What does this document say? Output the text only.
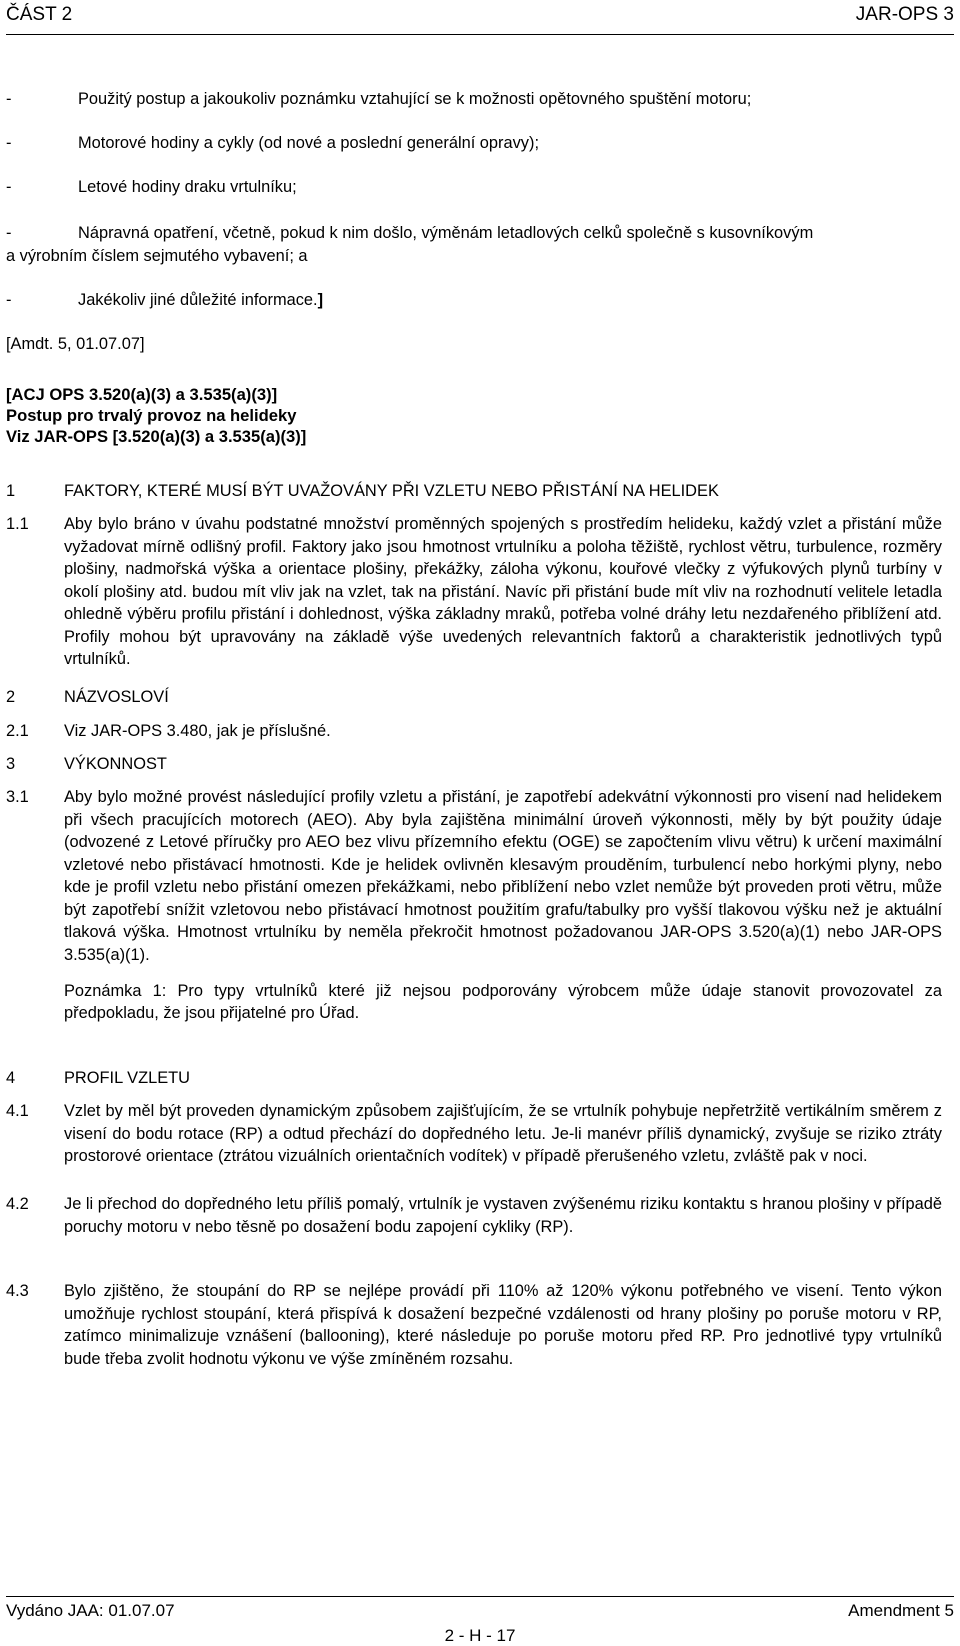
ČÁST 2	JAR-OPS 3
-	Použitý postup a jakoukoliv poznámku vztahující se k možnosti opětovného spuštění motoru;
-	Motorové hodiny a cykly (od nové a poslední generální opravy);
-	Letové hodiny draku vrtulníku;
-	Nápravná opatření, včetně, pokud k nim došlo, výměnám letadlových celků společně s kusovníkovým
a výrobním číslem sejmutého vybavení; a
-	Jakékoliv jiné důležité informace.]
[Amdt. 5, 01.07.07]
[ACJ OPS 3.520(a)(3) a 3.535(a)(3)]
Postup pro trvalý provoz na helideky
Viz JAR-OPS [3.520(a)(3) a 3.535(a)(3)]
1	FAKTORY, KTERÉ MUSÍ BÝT UVAŽOVÁNY PŘI VZLETU NEBO PŘISTÁNÍ NA HELIDEK
1.1 Aby bylo bráno v úvahu podstatné množství proměnných spojených s prostředím helideku, každý vzlet a přistání může vyžadovat mírně odlišný profil. Faktory jako jsou hmotnost vrtulníku a poloha těžiště, rychlost větru, turbulence, rozměry plošiny, nadmořská výška a orientace plošiny, překážky, záloha výkonu, kouřové vlečky z výfukových plynů turbíny v okolí plošiny atd. budou mít vliv jak na vzlet, tak na přistání. Navíc při přistání bude mít vliv na rozhodnutí velitele letadla ohledně výběru profilu přistání i dohlednost, výška základny mraků, potřeba volné dráhy letu nezdařeného přiblížení atd. Profily mohou být upravovány na základě výše uvedených relevantních faktorů a charakteristik jednotlivých typů vrtulníků.
2	NÁZVOSLOVÍ
2.1 Viz JAR-OPS 3.480, jak je příslušné.
3	VÝKONNOST
3.1 Aby bylo možné provést následující profily vzletu a přistání, je zapotřebí adekvátní výkonnosti pro visení nad helidekem při všech pracujících motorech (AEO). Aby byla zajištěna minimální úroveň výkonnosti, měly by být použity údaje (odvozené z Letové příručky pro AEO bez vlivu přízemního efektu (OGE) se započtením vlivu větru) k určení maximální vzletové nebo přistávací hmotnosti. Kde je helidek ovlivněn klesavým prouděním, turbulencí nebo horkými plyny, nebo kde je profil vzletu nebo přistání omezen překážkami, nebo přiblížení nebo vzlet nemůže být proveden proti větru, může být zapotřebí snížit vzletovou nebo přistávací hmotnost použitím grafu/tabulky pro vyšší tlakovou výšku než je aktuální tlaková výška. Hmotnost vrtulníku by neměla překročit hmotnost požadovanou JAR-OPS 3.520(a)(1) nebo JAR-OPS 3.535(a)(1).
Poznámka 1: Pro typy vrtulníků které již nejsou podporovány výrobcem může údaje stanovit provozovatel za předpokladu, že jsou přijatelné pro Úřad.
4	PROFIL VZLETU
4.1 Vzlet by měl být proveden dynamickým způsobem zajišťujícím, že se vrtulník pohybuje nepřetržitě vertikálním směrem z visení do bodu rotace (RP) a odtud přechází do dopředného letu. Je-li manévr příliš dynamický, zvyšuje se riziko ztráty prostorové orientace (ztrátou vizuálních orientačních vodítek) v případě přerušeného vzletu, zvláště pak v noci.
4.2 Je li přechod do dopředného letu příliš pomalý, vrtulník je vystaven zvýšenému riziku kontaktu s hranou plošiny v případě poruchy motoru v nebo těsně po dosažení bodu zapojení cykliky (RP).
4.3 Bylo zjištěno, že stoupání do RP se nejlépe provádí při 110% až 120% výkonu potřebného ve visení. Tento výkon umožňuje rychlost stoupání, která přispívá k dosažení bezpečné vzdálenosti od hrany plošiny po poruše motoru v RP, zatímco minimalizuje vznášení (ballooning), které následuje po poruše motoru před RP. Pro jednotlivé typy vrtulníků bude třeba zvolit hodnotu výkonu ve výše zmíněném rozsahu.
Vydáno JAA: 01.07.07	Amendment 5
2 - H - 17
